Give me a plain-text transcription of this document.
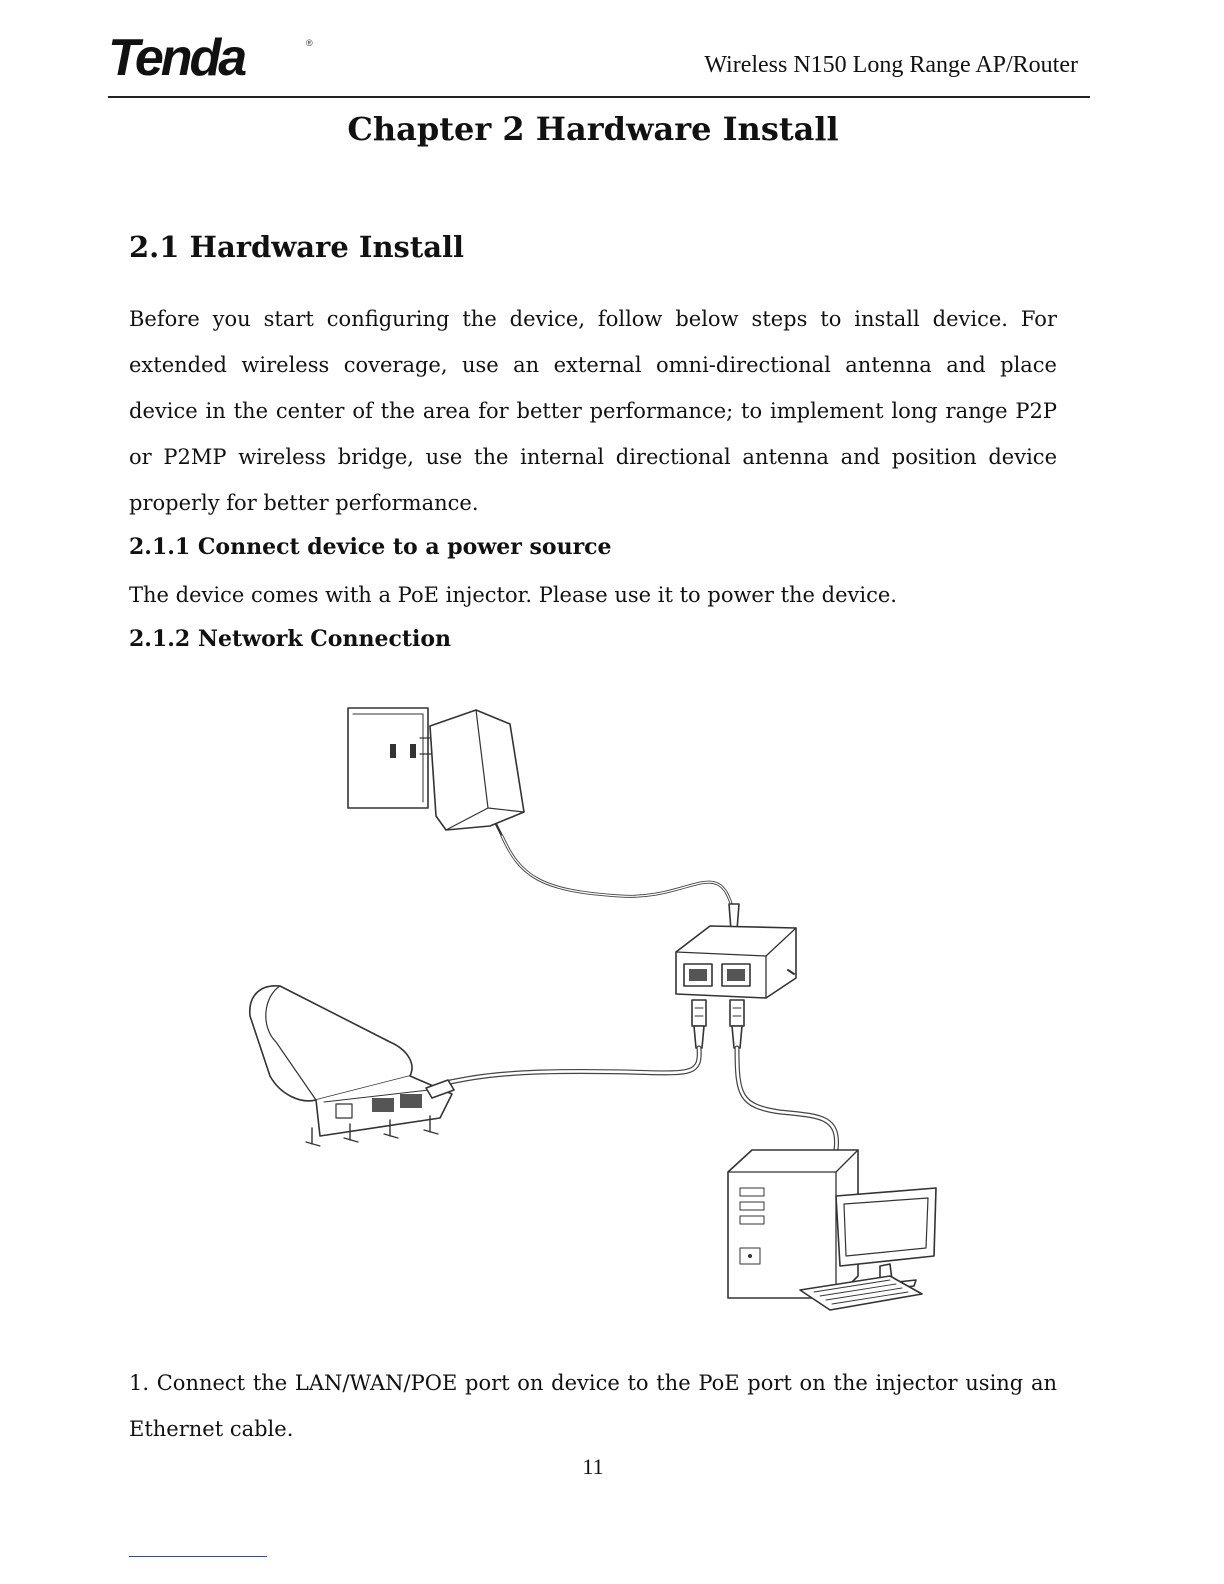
Tenda	®
Wireless N150 Long Range AP/Router
Chapter 2 Hardware Install
2.1 Hardware Install
Before you start configuring the device, follow below steps to install device. For extended wireless coverage, use an external omni-directional antenna and place device in the center of the area for better performance; to implement long range P2P or P2MP wireless bridge, use the internal directional antenna and position device properly for better performance.
2.1.1 Connect device to a power source
The device comes with a PoE injector. Please use it to power the device.
2.1.2 Network Connection
1. Connect the LAN/WAN/POE port on device to the PoE port on the injector using an Ethernet cable.
11
